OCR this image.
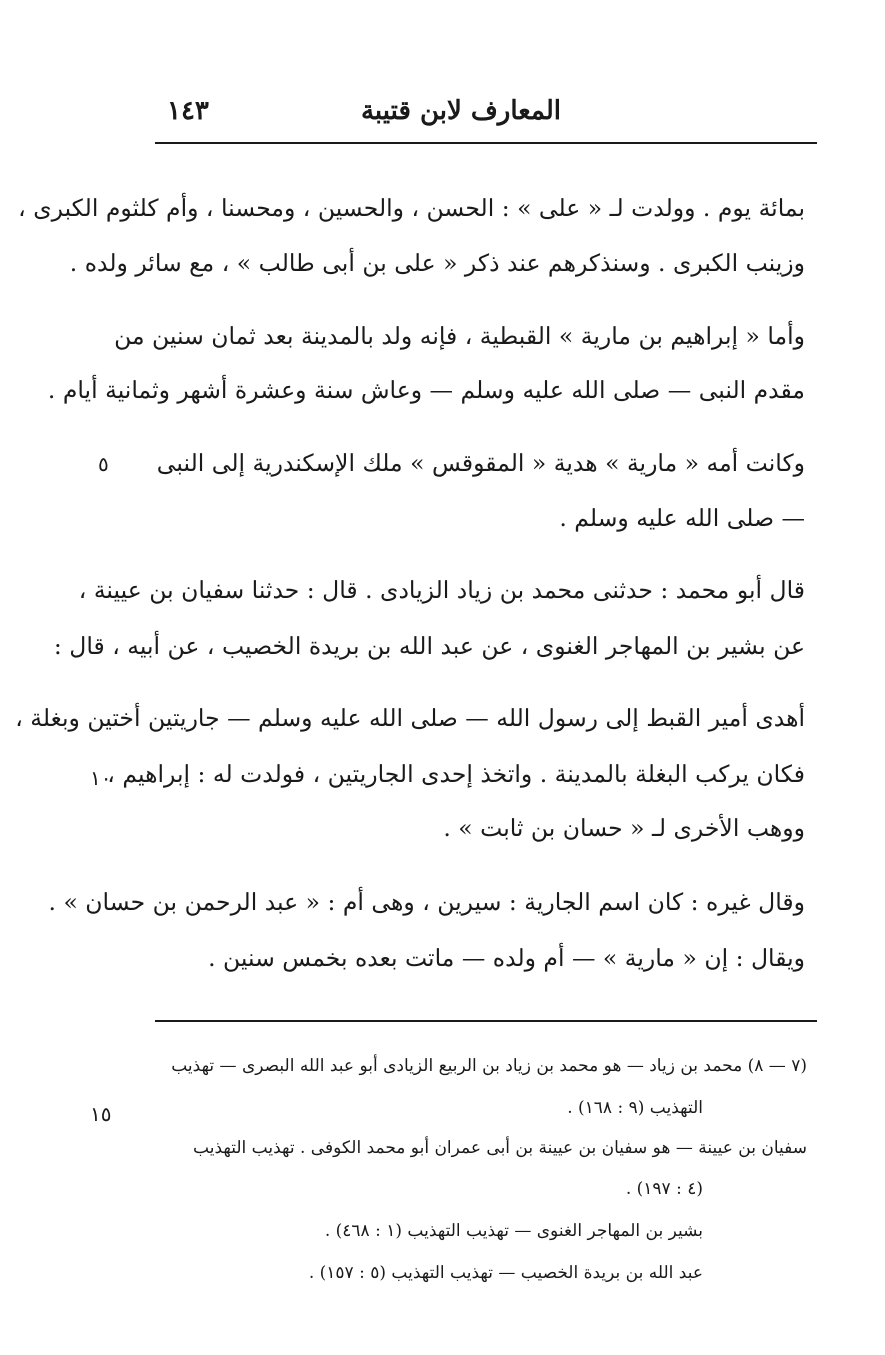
١٤٣	المعارف لابن قتيبة
بمائة يوم . وولدت لـ « على » : الحسن ، والحسين ، ومحسنا ، وأم كلثوم الكبرى ،
وزينب الكبرى . وسنذكرهم عند ذكر « على بن أبى طالب » ، مع سائر ولده .
وأما « إبراهيم بن مارية » القبطية ، فإنه ولد بالمدينة بعد ثمان سنين من
مقدم النبى — صلى الله عليه وسلم — وعاش سنة وعشرة أشهر وثمانية أيام .
وكانت أمه « مارية » هدية « المقوقس » ملك الإسكندرية إلى النبى
— صلى الله عليه وسلم .
قال أبو محمد : حدثنى محمد بن زياد الزيادى . قال : حدثنا سفيان بن عيينة ،
عن بشير بن المهاجر الغنوى ، عن عبد الله بن بريدة الخصيب ، عن أبيه ، قال :
أهدى أمير القبط إلى رسول الله — صلى الله عليه وسلم — جاريتين أختين وبغلة ،
فكان يركب البغلة بالمدينة . واتخذ إحدى الجاريتين ، فولدت له : إبراهيم ،
ووهب الأخرى لـ « حسان بن ثابت » .
وقال غيره : كان اسم الجارية : سيرين ، وهى أم : « عبد الرحمن بن حسان » .
ويقال : إن « مارية » — أم ولده — ماتت بعده بخمس سنين .
٥
١٠
١٥
(٧ — ٨) محمد بن زياد — هو محمد بن زياد بن الربيع الزيادى أبو عبد الله البصرى — تهذيب
التهذيب (٩ : ١٦٨) .
سفيان بن عيينة — هو سفيان بن عيينة بن أبى عمران أبو محمد الكوفى . تهذيب التهذيب
(٤ : ١٩٧) .
بشير بن المهاجر الغنوى — تهذيب التهذيب (١ : ٤٦٨) .
عبد الله بن بريدة الخصيب — تهذيب التهذيب (٥ : ١٥٧) .
